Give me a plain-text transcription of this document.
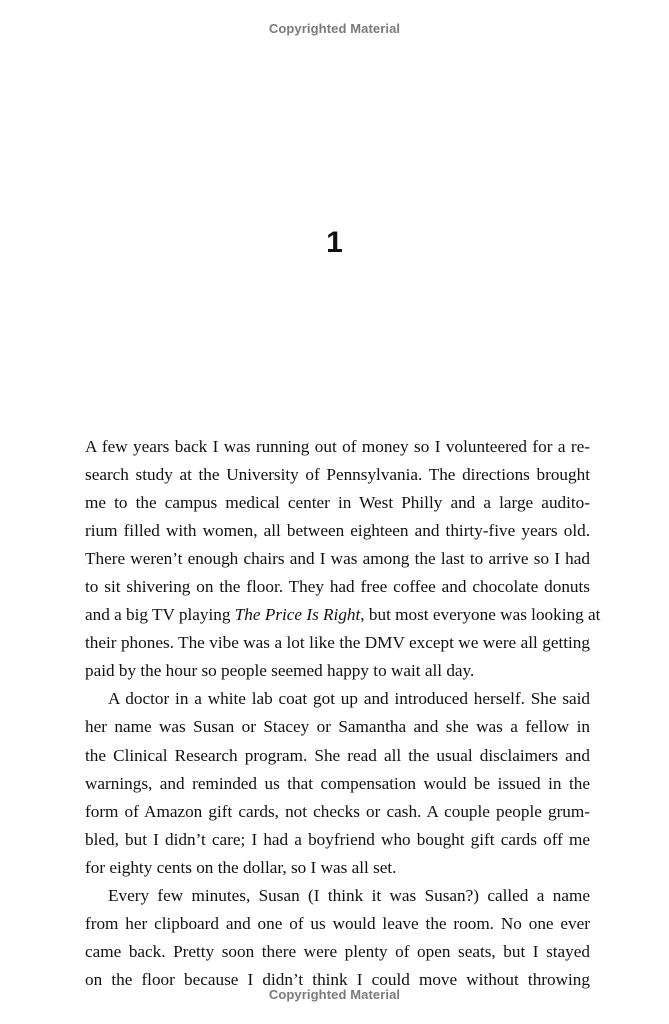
Copyrighted Material
1
A few years back I was running out of money so I volunteered for a re-
search study at the University of Pennsylvania. The directions brought
me to the campus medical center in West Philly and a large audito-
rium filled with women, all between eighteen and thirty-five years old.
There weren’t enough chairs and I was among the last to arrive so I had
to sit shivering on the floor. They had free coffee and chocolate donuts
and a big TV playing The Price Is Right, but most everyone was looking at
their phones. The vibe was a lot like the DMV except we were all getting
paid by the hour so people seemed happy to wait all day.
A doctor in a white lab coat got up and introduced herself. She said
her name was Susan or Stacey or Samantha and she was a fellow in
the Clinical Research program. She read all the usual disclaimers and
warnings, and reminded us that compensation would be issued in the
form of Amazon gift cards, not checks or cash. A couple people grum-
bled, but I didn’t care; I had a boyfriend who bought gift cards off me
for eighty cents on the dollar, so I was all set.
Every few minutes, Susan (I think it was Susan?) called a name
from her clipboard and one of us would leave the room. No one ever
came back. Pretty soon there were plenty of open seats, but I stayed
on the floor because I didn’t think I could move without throwing
Copyrighted Material
